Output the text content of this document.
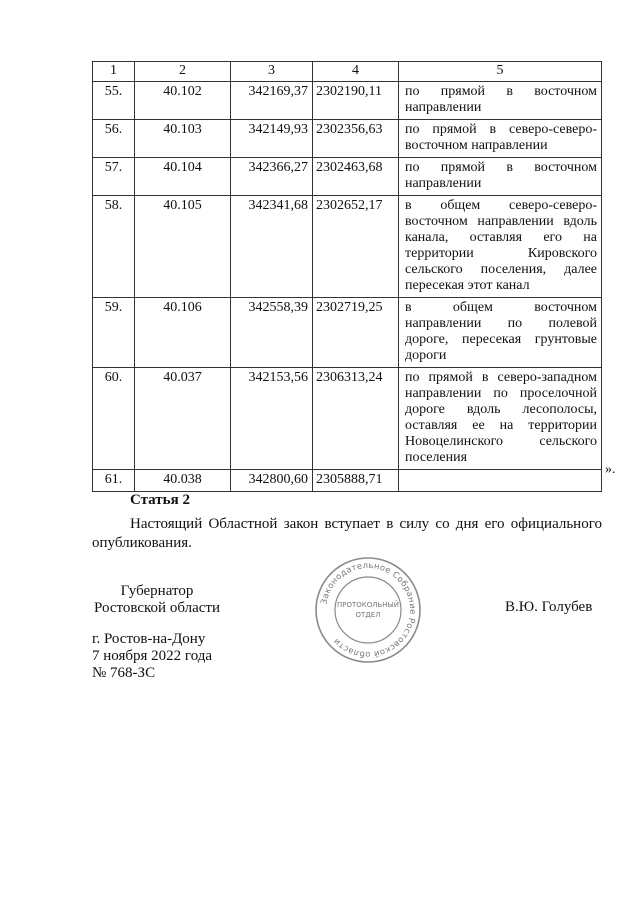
1	2	3	4	5
55.	40.102	342169,37	2302190,11	по прямой в восточном направлении
56.	40.103	342149,93	2302356,63	по прямой в северо-северо-восточном направлении
57.	40.104	342366,27	2302463,68	по прямой в восточном направлении
58.	40.105	342341,68	2302652,17	в общем северо-северо-восточном направлении вдоль канала, оставляя его на территории Кировского сельского поселения, далее пересекая этот канал
59.	40.106	342558,39	2302719,25	в общем восточном направлении по полевой дороге, пересекая грунтовые дороги
60.	40.037	342153,56	2306313,24	по прямой в северо-западном направлении по проселочной дороге вдоль лесополосы, оставляя ее на территории Новоцелинского сельского поселения
61.	40.038	342800,60	2305888,71	
».
Статья 2

Настоящий Областной закон вступает в силу со дня его официального опубликования.

Губернатор
Ростовской области	Законодательное Собрание Ростовской области
ПРОТОКОЛЬНЫЙ
ОТДЕЛ	В.Ю. Голубев
г. Ростов-на-Дону
7 ноября 2022 года
№ 768-ЗС
